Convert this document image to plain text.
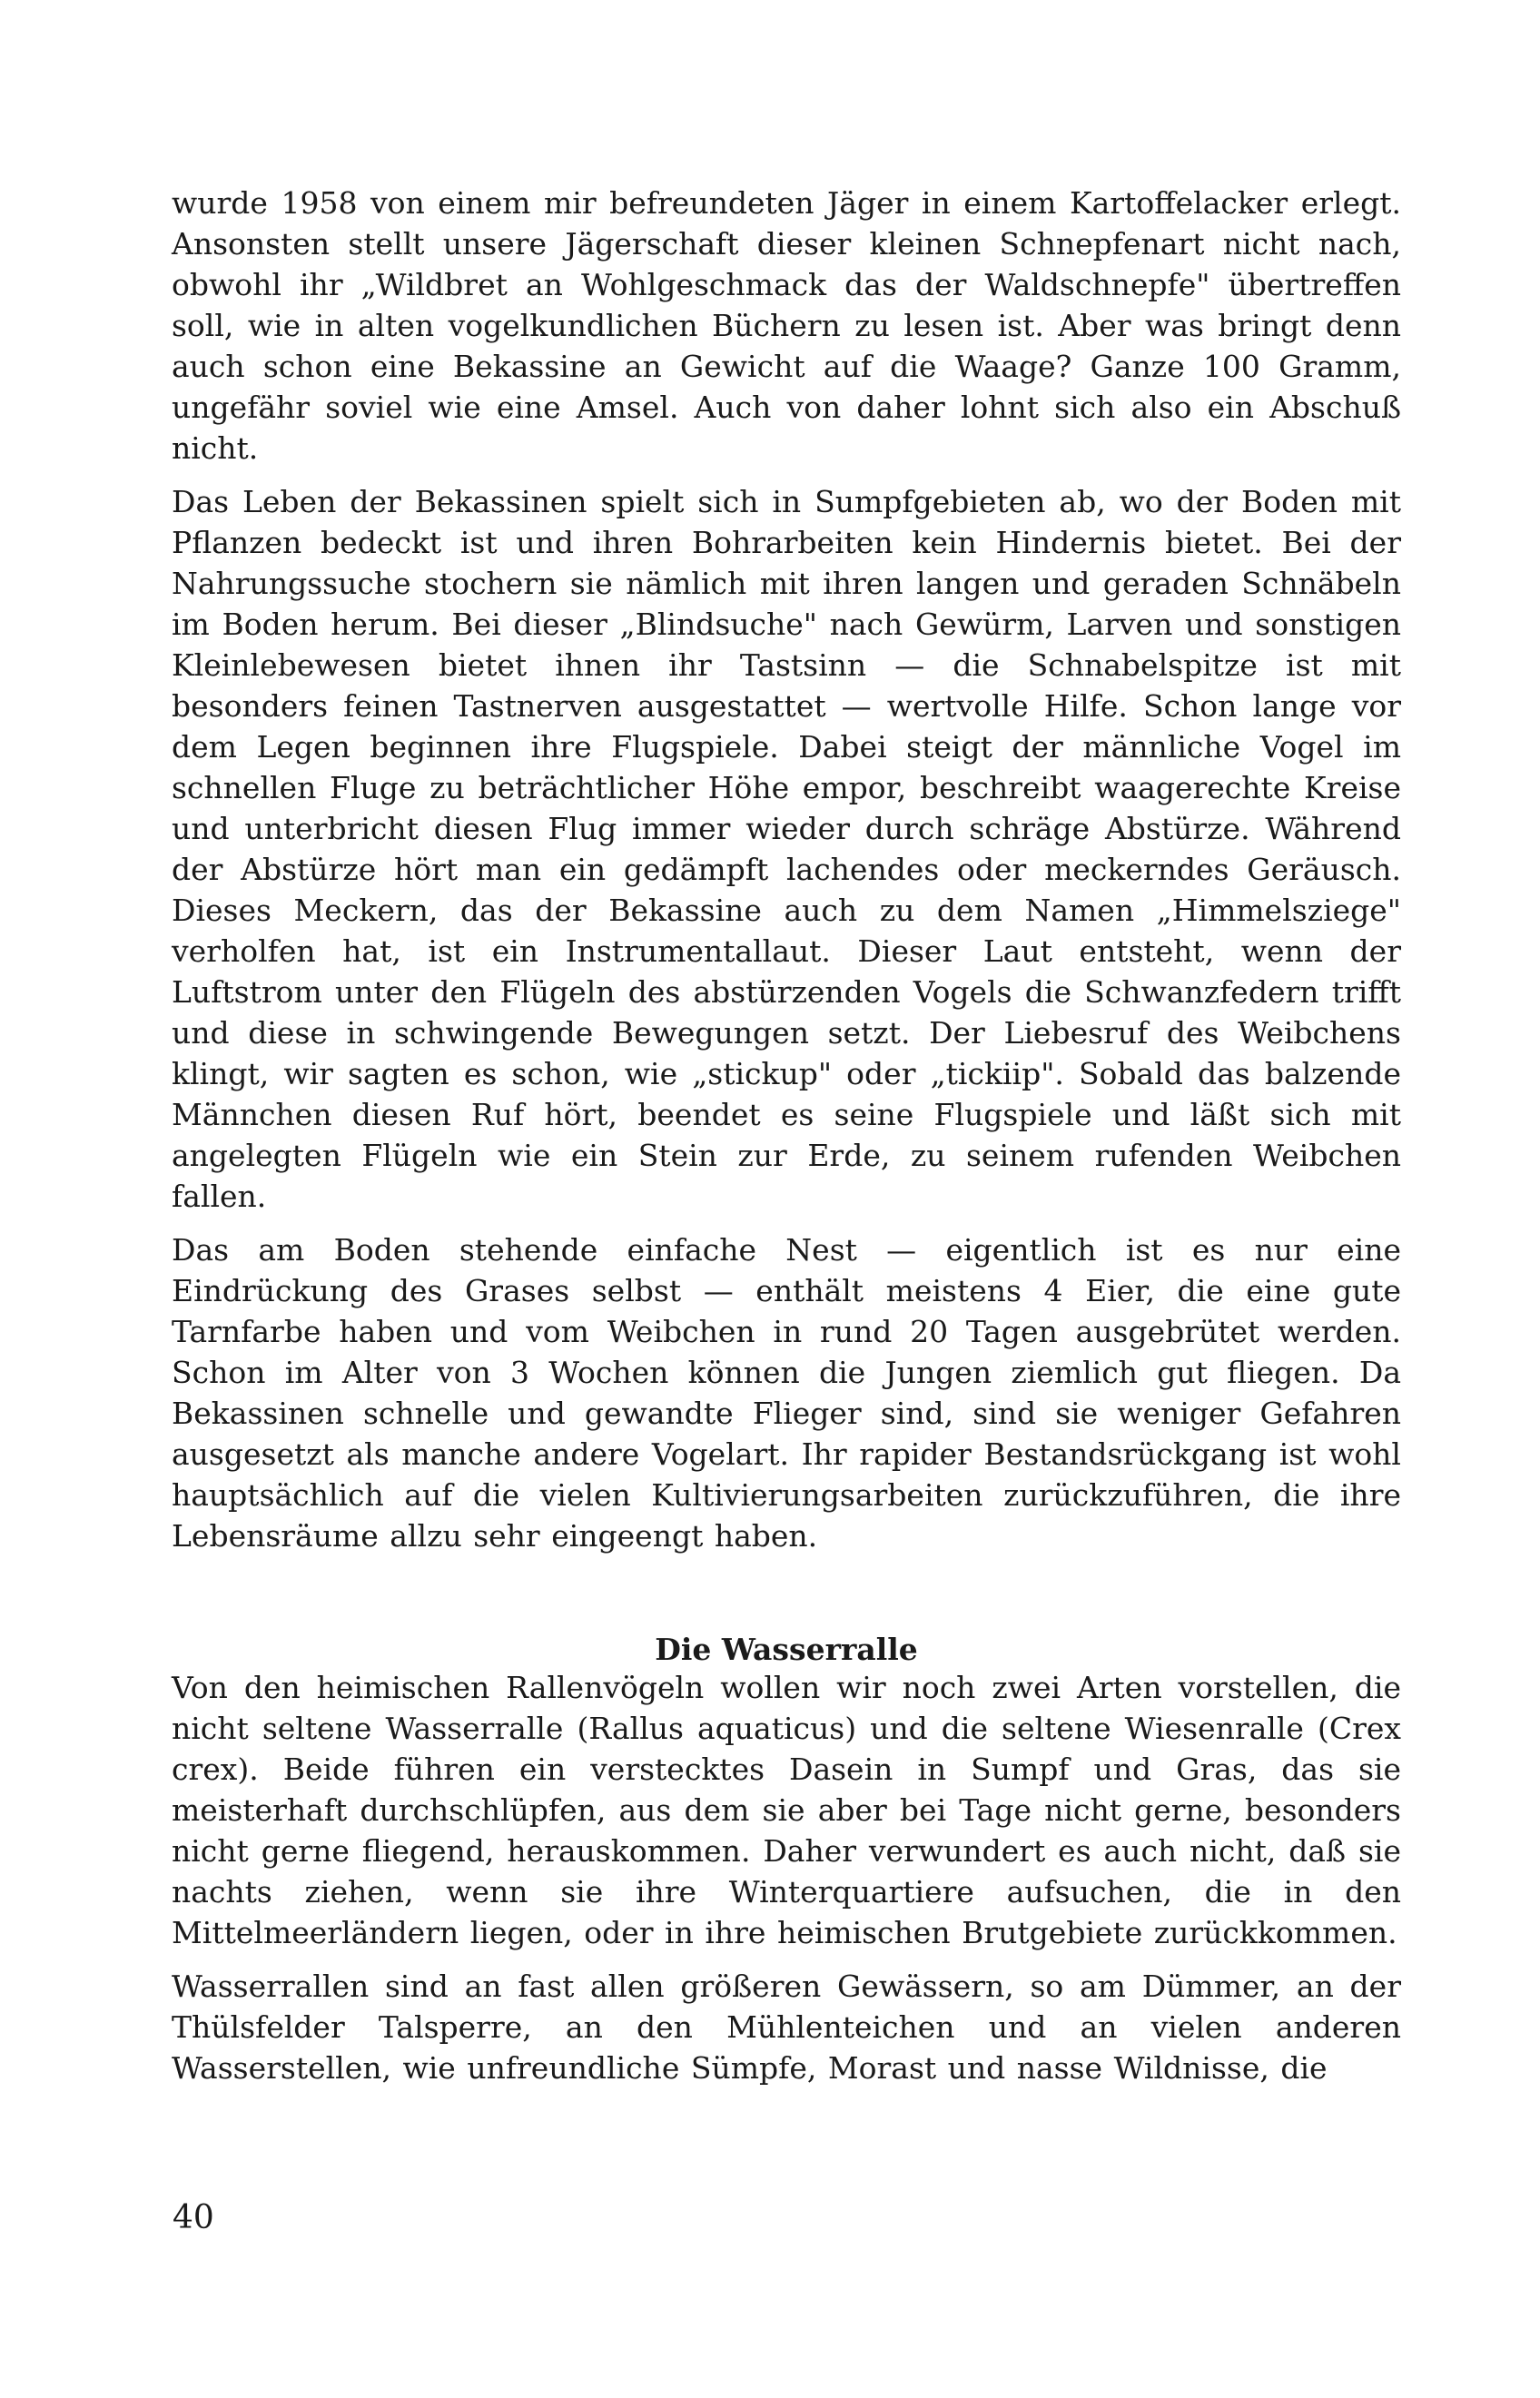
wurde 1958 von einem mir befreundeten Jäger in einem Kartoffelacker erlegt. Ansonsten stellt unsere Jägerschaft dieser kleinen Schnepfenart nicht nach, obwohl ihr „Wildbret an Wohlgeschmack das der Waldschnepfe" übertreffen soll, wie in alten vogelkundlichen Büchern zu lesen ist. Aber was bringt denn auch schon eine Bekassine an Gewicht auf die Waage? Ganze 100 Gramm, ungefähr soviel wie eine Amsel. Auch von daher lohnt sich also ein Abschuß nicht.

Das Leben der Bekassinen spielt sich in Sumpfgebieten ab, wo der Boden mit Pflanzen bedeckt ist und ihren Bohrarbeiten kein Hindernis bietet. Bei der Nahrungssuche stochern sie nämlich mit ihren langen und geraden Schnäbeln im Boden herum. Bei dieser „Blindsuche" nach Gewürm, Larven und sonstigen Kleinlebewesen bietet ihnen ihr Tastsinn — die Schnabelspitze ist mit besonders feinen Tastnerven ausgestattet — wertvolle Hilfe. Schon lange vor dem Legen beginnen ihre Flugspiele. Dabei steigt der männliche Vogel im schnellen Fluge zu beträchtlicher Höhe empor, beschreibt waagerechte Kreise und unterbricht diesen Flug immer wieder durch schräge Abstürze. Während der Abstürze hört man ein gedämpft lachendes oder meckerndes Geräusch. Dieses Meckern, das der Bekassine auch zu dem Namen „Himmelsziege" verholfen hat, ist ein Instrumentallaut. Dieser Laut entsteht, wenn der Luftstrom unter den Flügeln des abstürzenden Vogels die Schwanzfedern trifft und diese in schwingende Bewegungen setzt. Der Liebesruf des Weibchens klingt, wir sagten es schon, wie „stickup" oder „tickiip". Sobald das balzende Männchen diesen Ruf hört, beendet es seine Flugspiele und läßt sich mit angelegten Flügeln wie ein Stein zur Erde, zu seinem rufenden Weibchen fallen.

Das am Boden stehende einfache Nest — eigentlich ist es nur eine Eindrückung des Grases selbst — enthält meistens 4 Eier, die eine gute Tarnfarbe haben und vom Weibchen in rund 20 Tagen ausgebrütet werden. Schon im Alter von 3 Wochen können die Jungen ziemlich gut fliegen. Da Bekassinen schnelle und gewandte Flieger sind, sind sie weniger Gefahren ausgesetzt als manche andere Vogelart. Ihr rapider Bestandsrückgang ist wohl hauptsächlich auf die vielen Kultivierungsarbeiten zurückzuführen, die ihre Lebensräume allzu sehr eingeengt haben.

Die Wasserralle

Von den heimischen Rallenvögeln wollen wir noch zwei Arten vorstellen, die nicht seltene Wasserralle (Rallus aquaticus) und die seltene Wiesenralle (Crex crex). Beide führen ein verstecktes Dasein in Sumpf und Gras, das sie meisterhaft durchschlüpfen, aus dem sie aber bei Tage nicht gerne, besonders nicht gerne fliegend, herauskommen. Daher verwundert es auch nicht, daß sie nachts ziehen, wenn sie ihre Winterquartiere aufsuchen, die in den Mittelmeerländern liegen, oder in ihre heimischen Brutgebiete zurückkommen.

Wasserrallen sind an fast allen größeren Gewässern, so am Dümmer, an der Thülsfelder Talsperre, an den Mühlenteichen und an vielen anderen Wasserstellen, wie unfreundliche Sümpfe, Morast und nasse Wildnisse, die

40
